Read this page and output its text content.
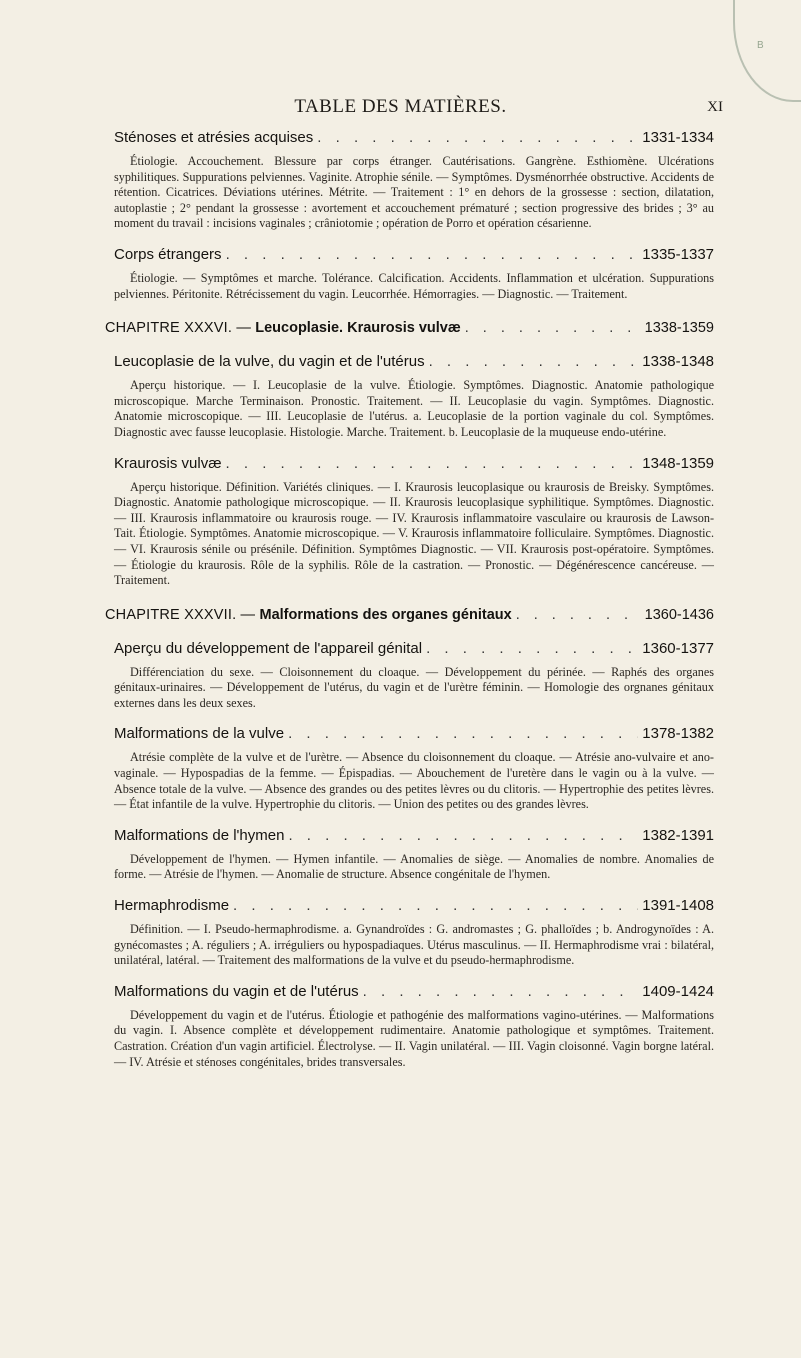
B
TABLE DES MATIÈRES.	XI
Sténoses et atrésies acquises . . .	1331-1334

Étiologie. Accouchement. Blessure par corps étranger. Cautérisations. Gangrène. Esthiomène. Ulcérations syphilitiques. Suppurations pelviennes. Vaginite. Atrophie sénile. — Symptômes. Dysménorrhée obstructive. Accidents de rétention. Cicatrices. Déviations utérines. Métrite. — Traitement : 1° en dehors de la grossesse : section, dilatation, autoplastie ; 2° pendant la grossesse : avortement et accouchement prématuré ; section progressive des brides ; 3° au moment du travail : incisions vaginales ; crâniotomie ; opération de Porro et opération césarienne.

Corps étrangers . . .	1335-1337

Étiologie. — Symptômes et marche. Tolérance. Calcification. Accidents. Inflammation et ulcération. Suppurations pelviennes. Péritonite. Rétrécissement du vagin. Leucorrhée. Hémorragies. — Diagnostic. — Traitement.

CHAPITRE XXXVI. — Leucoplasie. Kraurosis vulvæ . . .	1338-1359
Leucoplasie de la vulve, du vagin et de l'utérus . . .	1338-1348

Aperçu historique. — I. Leucoplasie de la vulve. Étiologie. Symptômes. Diagnostic. Anatomie pathologique microscopique. Marche Terminaison. Pronostic. Traitement. — II. Leucoplasie du vagin. Symptômes. Diagnostic. Anatomie microscopique. — III. Leucoplasie de l'utérus. a. Leucoplasie de la portion vaginale du col. Symptômes. Diagnostic avec fausse leucoplasie. Histologie. Marche. Traitement. b. Leucoplasie de la muqueuse endo-utérine.

Kraurosis vulvæ . . .	1348-1359

Aperçu historique. Définition. Variétés cliniques. — I. Kraurosis leucoplasique ou kraurosis de Breisky. Symptômes. Diagnostic. Anatomie pathologique microscopique. — II. Kraurosis leucoplasique syphilitique. Symptômes. Diagnostic. — III. Kraurosis inflammatoire ou kraurosis rouge. — IV. Kraurosis inflammatoire vasculaire ou kraurosis de Lawson-Tait. Étiologie. Symptômes. Anatomie microscopique. — V. Kraurosis inflammatoire folliculaire. Symptômes. Diagnostic. — VI. Kraurosis sénile ou présénile. Définition. Symptômes Diagnostic. — VII. Kraurosis post-opératoire. Symptômes. — Étiologie du kraurosis. Rôle de la syphilis. Rôle de la castration. — Pronostic. — Dégénérescence cancéreuse. — Traitement.

CHAPITRE XXXVII. — Malformations des organes génitaux . . .	1360-1436
Aperçu du développement de l'appareil génital . . .	1360-1377

Différenciation du sexe. — Cloisonnement du cloaque. — Développement du périnée. — Raphés des organes génitaux-urinaires. — Développement de l'utérus, du vagin et de l'urètre féminin. — Homologie des orgnanes génitaux externes dans les deux sexes.

Malformations de la vulve . . .	1378-1382

Atrésie complète de la vulve et de l'urètre. — Absence du cloisonnement du cloaque. — Atrésie ano-vulvaire et ano-vaginale. — Hypospadias de la femme. — Épispadias. — Abouchement de l'uretère dans le vagin ou à la vulve. — Absence totale de la vulve. — Absence des grandes ou des petites lèvres ou du clitoris. — Hypertrophie des petites lèvres. — État infantile de la vulve. Hypertrophie du clitoris. — Union des petites ou des grandes lèvres.

Malformations de l'hymen . . .	1382-1391

Développement de l'hymen. — Hymen infantile. — Anomalies de siège. — Anomalies de nombre. Anomalies de forme. — Atrésie de l'hymen. — Anomalie de structure. Absence congénitale de l'hymen.

Hermaphrodisme . . .	1391-1408

Définition. — I. Pseudo-hermaphrodisme. a. Gynandroïdes : G. andromastes ; G. phalloïdes ; b. Androgynoïdes : A. gynécomastes ; A. réguliers ; A. irréguliers ou hypospadiaques. Utérus masculinus. — II. Hermaphrodisme vrai : bilatéral, unilatéral, latéral. — Traitement des malformations de la vulve et du pseudo-hermaphrodisme.

Malformations du vagin et de l'utérus . . .	1409-1424

Développement du vagin et de l'utérus. Étiologie et pathogénie des malformations vagino-utérines. — Malformations du vagin. I. Absence complète et développement rudimentaire. Anatomie pathologique et symptômes. Traitement. Castration. Création d'un vagin artificiel. Électrolyse. — II. Vagin unilatéral. — III. Vagin cloisonné. Vagin borgne latéral. — IV. Atrésie et sténoses congénitales, brides transversales.
